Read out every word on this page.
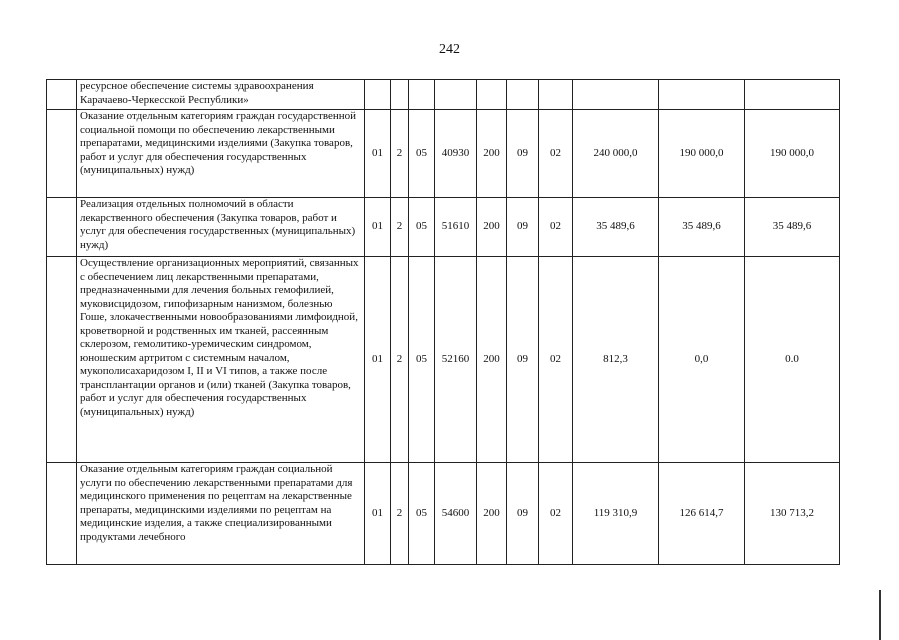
242

	ресурсное обеспечение системы здравоохранения Карачаево-Черкесской Республики»										

	Оказание отдельным категориям граждан государственной социальной помощи по обеспечению лекарственными препаратами, медицинскими изделиями (Закупка товаров, работ и услуг для обеспечения государственных (муниципальных) нужд)	01	2	05	40930	200	09	02	240 000,0	190 000,0	190 000,0

	Реализация отдельных полномочий в области лекарственного обеспечения (Закупка товаров, работ и услуг для обеспечения государственных (муниципальных) нужд)	01	2	05	51610	200	09	02	35 489,6	35 489,6	35 489,6

	Осуществление организационных мероприятий, связанных с обеспечением лиц лекарственными препаратами, предназначенными для лечения больных гемофилией, муковисцидозом, гипофизарным нанизмом, болезнью Гоше, злокачественными новообразованиями лимфоидной, кроветворной и родственных им тканей, рассеянным склерозом, гемолитико-уремическим синдромом, юношеским артритом с системным началом, мукополисахаридозом I, II и VI типов, а также после трансплантации органов и (или) тканей (Закупка товаров, работ и услуг для обеспечения государственных (муниципальных) нужд)	01	2	05	52160	200	09	02	812,3	0,0	0.0

	Оказание отдельным категориям граждан социальной услуги по обеспечению лекарственными препаратами для медицинского применения по рецептам на лекарственные препараты, медицинскими изделиями по рецептам на медицинские изделия, а также специализированными продуктами лечебного	01	2	05	54600	200	09	02	119 310,9	126 614,7	130 713,2
